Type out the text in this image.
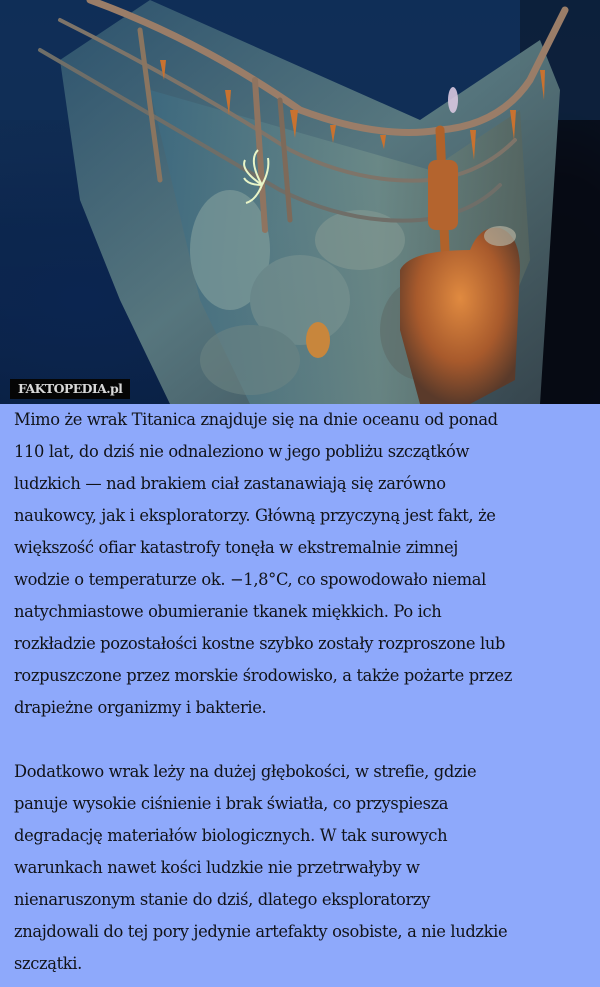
FAKTOPEDIA.pl

Mimo że wrak Titanica znajduje się na dnie oceanu od ponad
110 lat, do dziś nie odnaleziono w jego pobliżu szczątków
ludzkich — nad brakiem ciał zastanawiają się zarówno
naukowcy, jak i eksploratorzy. Główną przyczyną jest fakt, że
większość ofiar katastrofy tonęła w ekstremalnie zimnej
wodzie o temperaturze ok. −1,8°C, co spowodowało niemal
natychmiastowe obumieranie tkanek miękkich. Po ich
rozkładzie pozostałości kostne szybko zostały rozproszone lub
rozpuszczone przez morskie środowisko, a także pożarte przez
drapieżne organizmy i bakterie.

Dodatkowo wrak leży na dużej głębokości, w strefie, gdzie
panuje wysokie ciśnienie i brak światła, co przyspiesza
degradację materiałów biologicznych. W tak surowych
warunkach nawet kości ludzkie nie przetrwałyby w
nienaruszonym stanie do dziś, dlatego eksploratorzy
znajdowali do tej pory jedynie artefakty osobiste, a nie ludzkie
szczątki.
